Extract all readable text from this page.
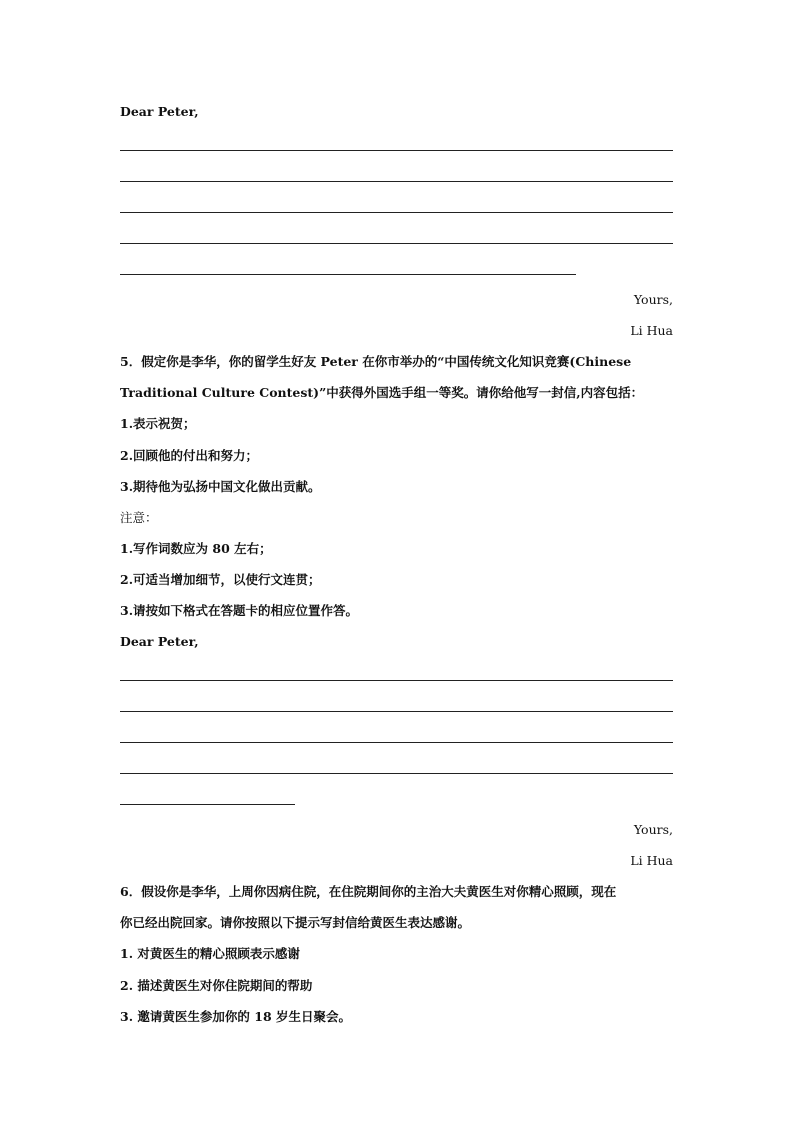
Dear Peter,
Yours,
Li Hua
5．假定你是李华，你的留学生好友 Peter 在你市举办的“中国传统文化知识竞赛(Chinese
Traditional Culture Contest)”中获得外国选手组一等奖。请你给他写一封信,内容包括：
1.表示祝贺；
2.回顾他的付出和努力；
3.期待他为弘扬中国文化做出贡献。
注意：
1.写作词数应为 80 左右；
2.可适当增加细节，以使行文连贯；
3.请按如下格式在答题卡的相应位置作答。
Dear Peter,
Yours,
Li Hua
6．假设你是李华，上周你因病住院，在住院期间你的主治大夫黄医生对你精心照顾，现在
你已经出院回家。请你按照以下提示写封信给黄医生表达感谢。
1. 对黄医生的精心照顾表示感谢
2. 描述黄医生对你住院期间的帮助
3. 邀请黄医生参加你的 18 岁生日聚会。
